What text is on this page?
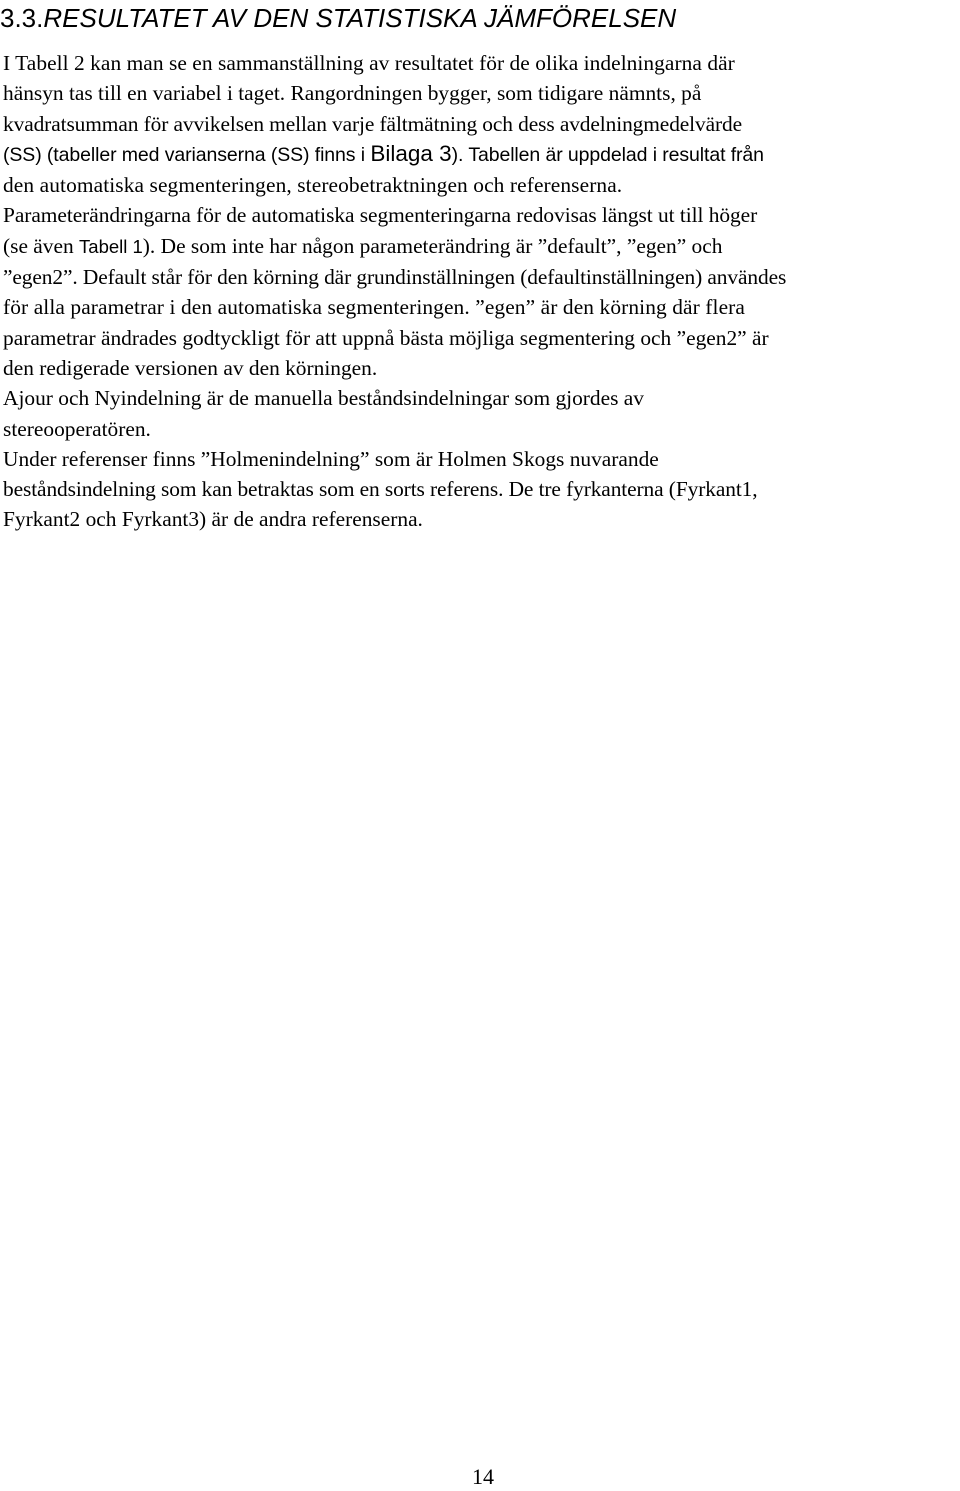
3.3.RESULTATET AV DEN STATISTISKA JÄMFÖRELSEN

I Tabell 2 kan man se en sammanställning av resultatet för de olika indelningarna där
hänsyn tas till en variabel i taget. Rangordningen bygger, som tidigare nämnts, på
kvadratsumman för avvikelsen mellan varje fältmätning och dess avdelningmedelvärde
(SS) (tabeller med varianserna (SS) finns i Bilaga 3). Tabellen är uppdelad i resultat från
den automatiska segmenteringen, stereobetraktningen och referenserna.
Parameterändringarna för de automatiska segmenteringarna redovisas längst ut till höger
(se även Tabell 1). De som inte har någon parameterändring är ”default”, ”egen” och
”egen2”. Default står för den körning där grundinställningen (defaultinställningen) användes
för alla parametrar i den automatiska segmenteringen. ”egen” är den körning där flera
parametrar ändrades godtyckligt för att uppnå bästa möjliga segmentering och ”egen2” är
den redigerade versionen av den körningen.

Ajour och Nyindelning är de manuella beståndsindelningar som gjordes av
stereooperatören.

Under referenser finns ”Holmenindelning” som är Holmen Skogs nuvarande
beståndsindelning som kan betraktas som en sorts referens. De tre fyrkanterna (Fyrkant1,
Fyrkant2 och Fyrkant3) är de andra referenserna.

14
